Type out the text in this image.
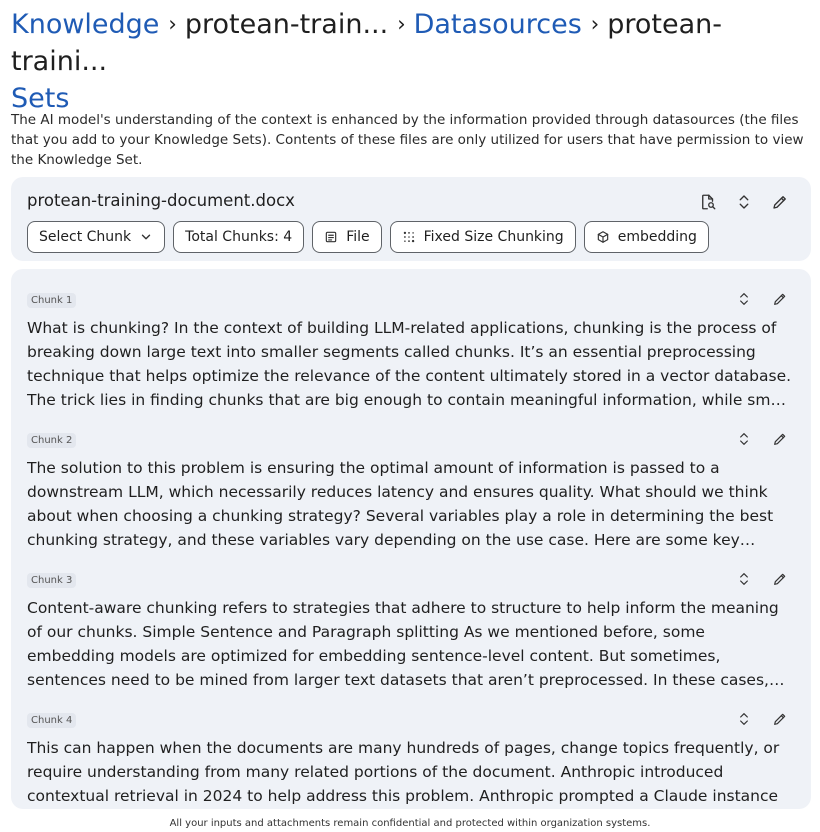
Knowledge › protean-train... › Datasources › protean-traini...
Sets

The AI model's understanding of the context is enhanced by the information provided through datasources (the files that you add to your Knowledge Sets). Contents of these files are only utilized for users that have permission to view the Knowledge Set.

protean-training-document.docx
Select Chunk	Total Chunks: 4	File	Fixed Size Chunking	embedding
Chunk 1

What is chunking? In the context of building LLM-related applications, chunking is the process of breaking down large text into smaller segments called chunks. It’s an essential preprocessing technique that helps optimize the relevance of the content ultimately stored in a vector database. The trick lies in finding chunks that are big enough to contain meaningful information, while small

Chunk 2

The solution to this problem is ensuring the optimal amount of information is passed to a downstream LLM, which necessarily reduces latency and ensures quality. What should we think about when choosing a chunking strategy? Several variables play a role in determining the best chunking strategy, and these variables vary depending on the use case. Here are some key

Chunk 3

Content-aware chunking refers to strategies that adhere to structure to help inform the meaning of our chunks. Simple Sentence and Paragraph splitting As we mentioned before, some embedding models are optimized for embedding sentence-level content. But sometimes, sentences need to be mined from larger text datasets that aren’t preprocessed. In these cases,

Chunk 4

This can happen when the documents are many hundreds of pages, change topics frequently, or require understanding from many related portions of the document. Anthropic introduced contextual retrieval in 2024 to help address this problem. Anthropic prompted a Claude instance

All your inputs and attachments remain confidential and protected within organization systems.
